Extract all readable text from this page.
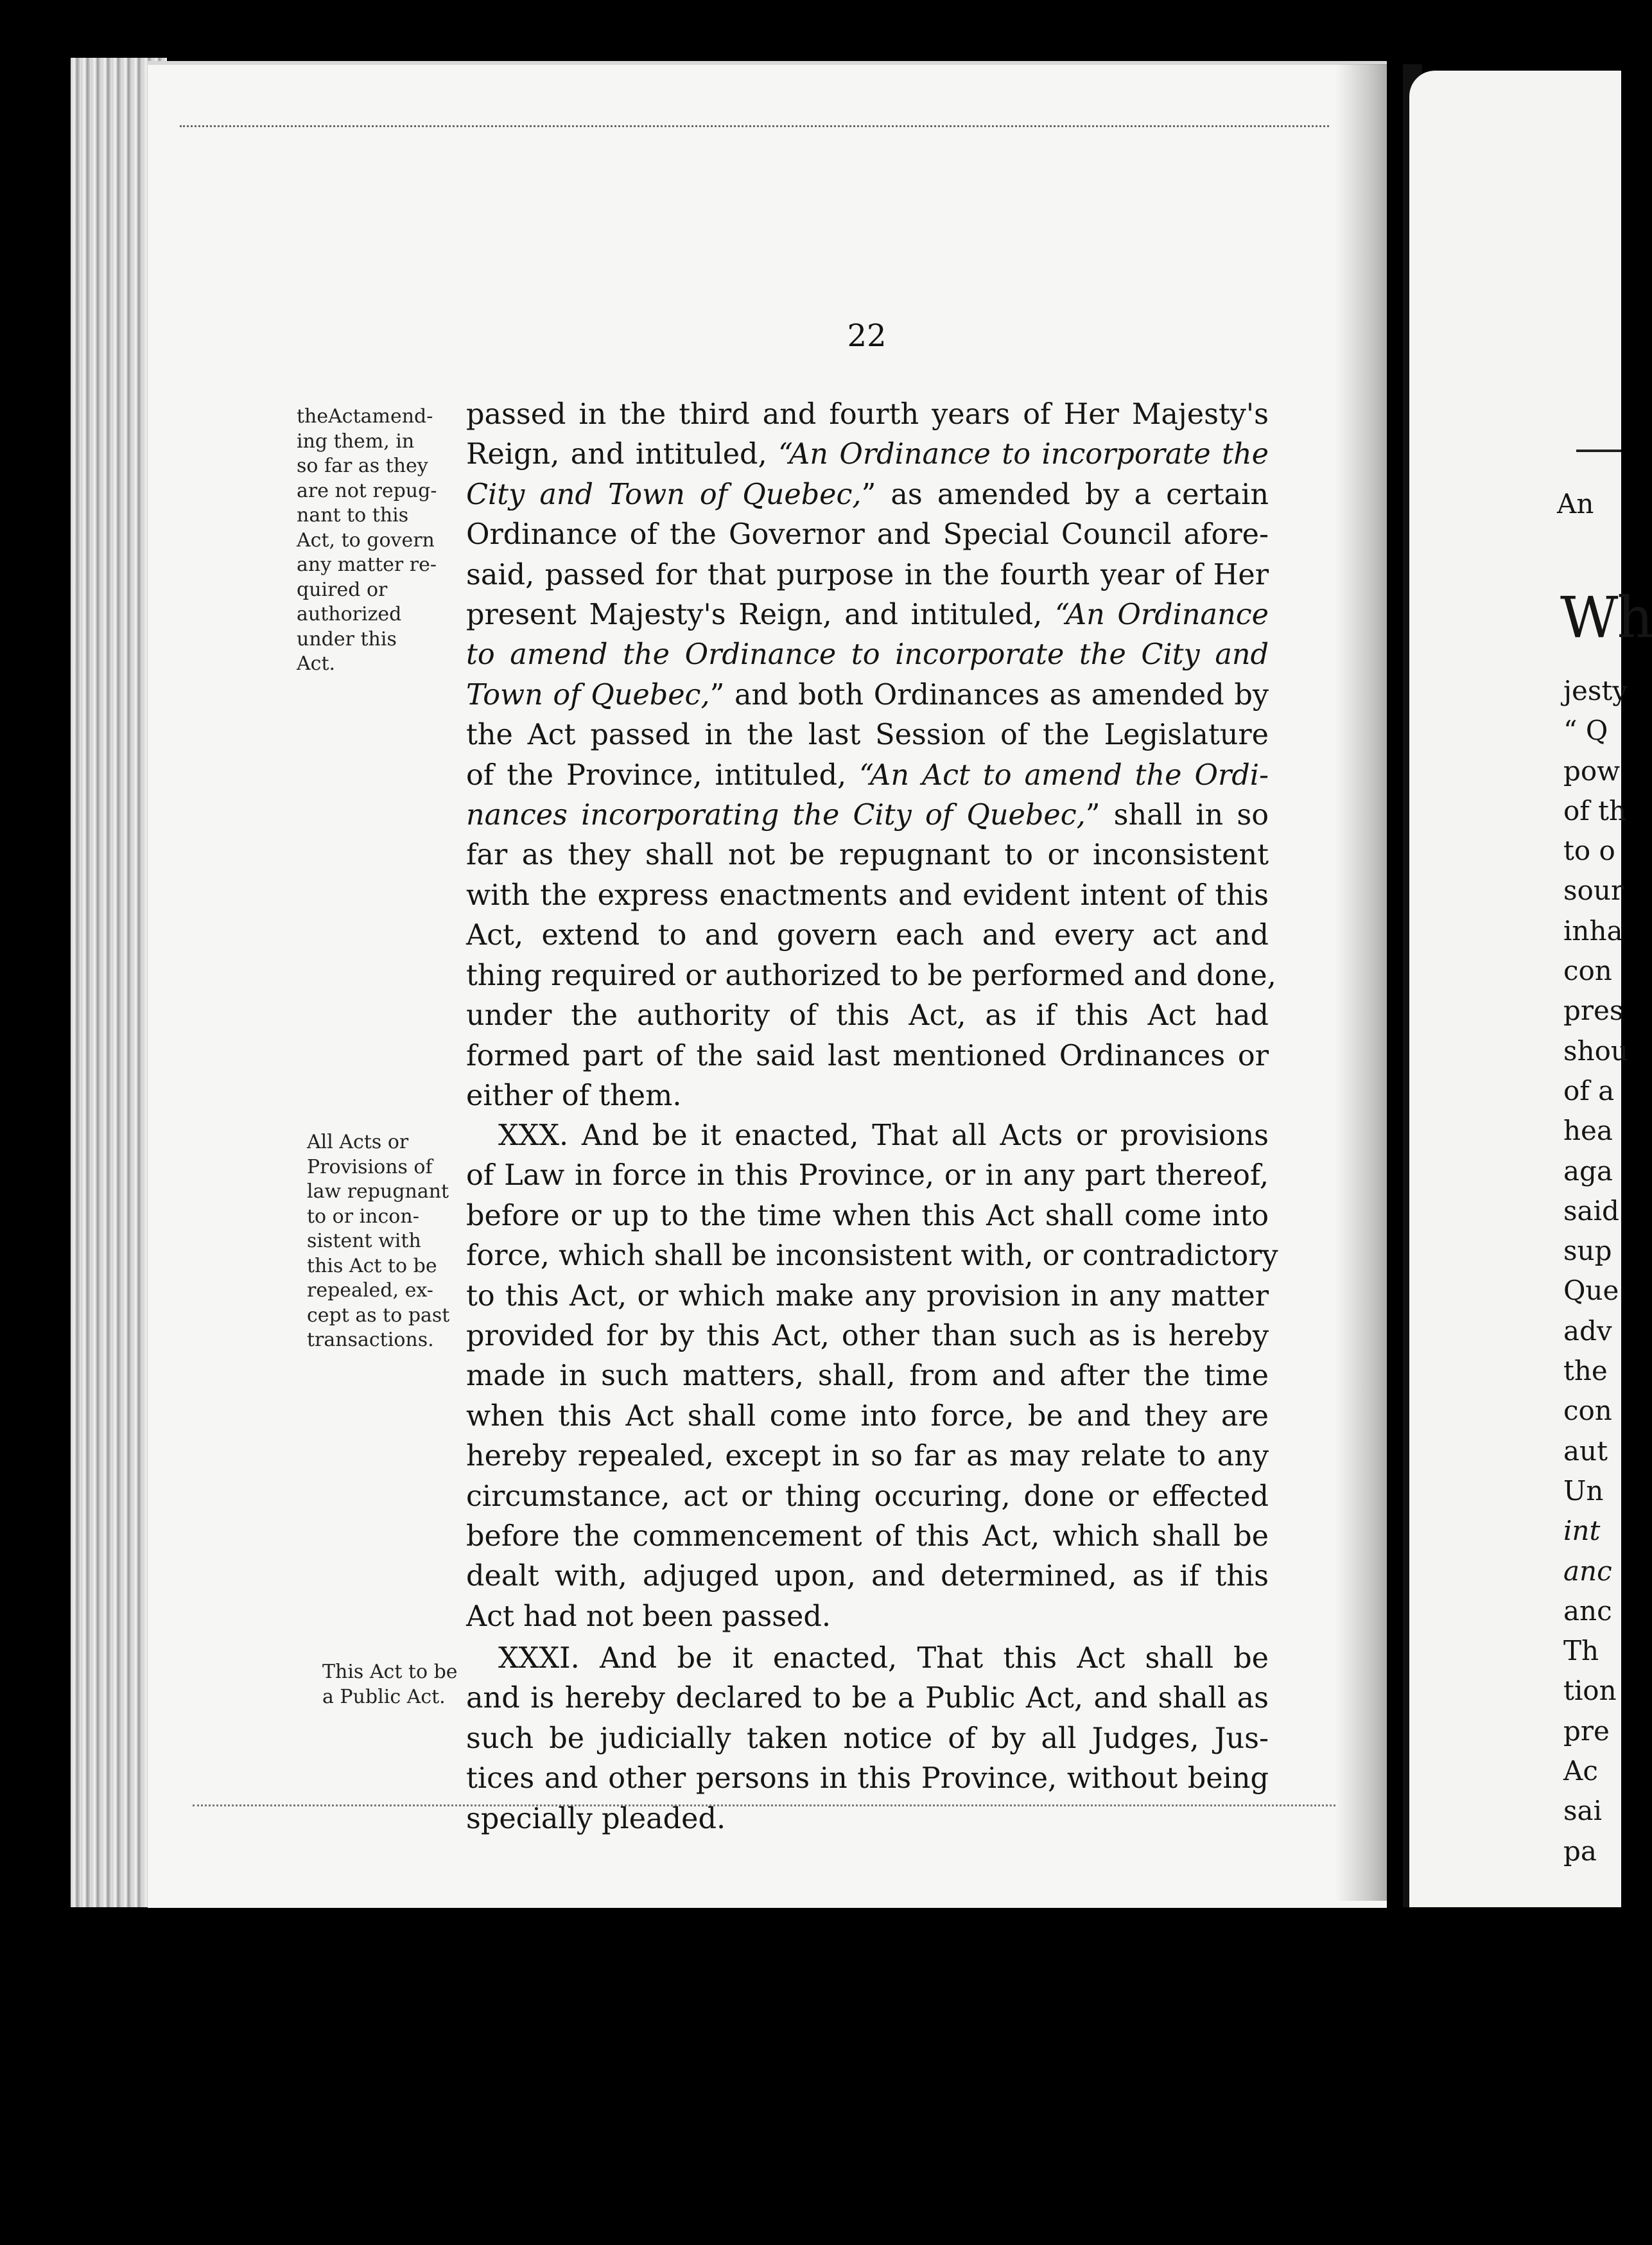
22
theActamend-
ing them, in
so far as they
are not repug-
nant to this
Act, to govern
any matter re-
quired or
authorized
under this
Act.
All Acts or
Provisions of
law repugnant
to or incon-
sistent with
this Act to be
repealed, ex-
cept as to past
transactions.
This Act to be
a Public Act.
passed in the third and fourth years of Her Majesty's
Reign, and intituled, “An Ordinance to incorporate the
City and Town of Quebec,” as amended by a certain
Ordinance of the Governor and Special Council afore-
said, passed for that purpose in the fourth year of Her
present Majesty's Reign, and intituled, “An Ordinance
to amend the Ordinance to incorporate the City and
Town of Quebec,” and both Ordinances as amended by
the Act passed in the last Session of the Legislature
of the Province, intituled, “An Act to amend the Ordi-
nances incorporating the City of Quebec,” shall in so
far as they shall not be repugnant to or inconsistent
with the express enactments and evident intent of this
Act, extend to and govern each and every act and
thing required or authorized to be performed and done,
under the authority of this Act, as if this Act had
formed part of the said last mentioned Ordinances or
either of them.
XXX. And be it enacted, That all Acts or provisions
of Law in force in this Province, or in any part thereof,
before or up to the time when this Act shall come into
force, which shall be inconsistent with, or contradictory
to this Act, or which make any provision in any matter
provided for by this Act, other than such as is hereby
made in such matters, shall, from and after the time
when this Act shall come into force, be and they are
hereby repealed, except in so far as may relate to any
circumstance, act or thing occuring, done or effected
before the commencement of this Act, which shall be
dealt with, adjuged upon, and determined, as if this
Act had not been passed.
XXXI. And be it enacted, That this Act shall be
and is hereby declared to be a Public Act, and shall as
such be judicially taken notice of by all Judges, Jus-
tices and other persons in this Province, without being
specially pleaded.
An
Wh
jesty
“ Q
pow
of th
to o
sour
inha
con
pres
shou
of a
hea
aga
said
sup
Que
adv
the
con
aut
Un
int
anc
anc
Th
tion
pre
Ac
sai
pa
